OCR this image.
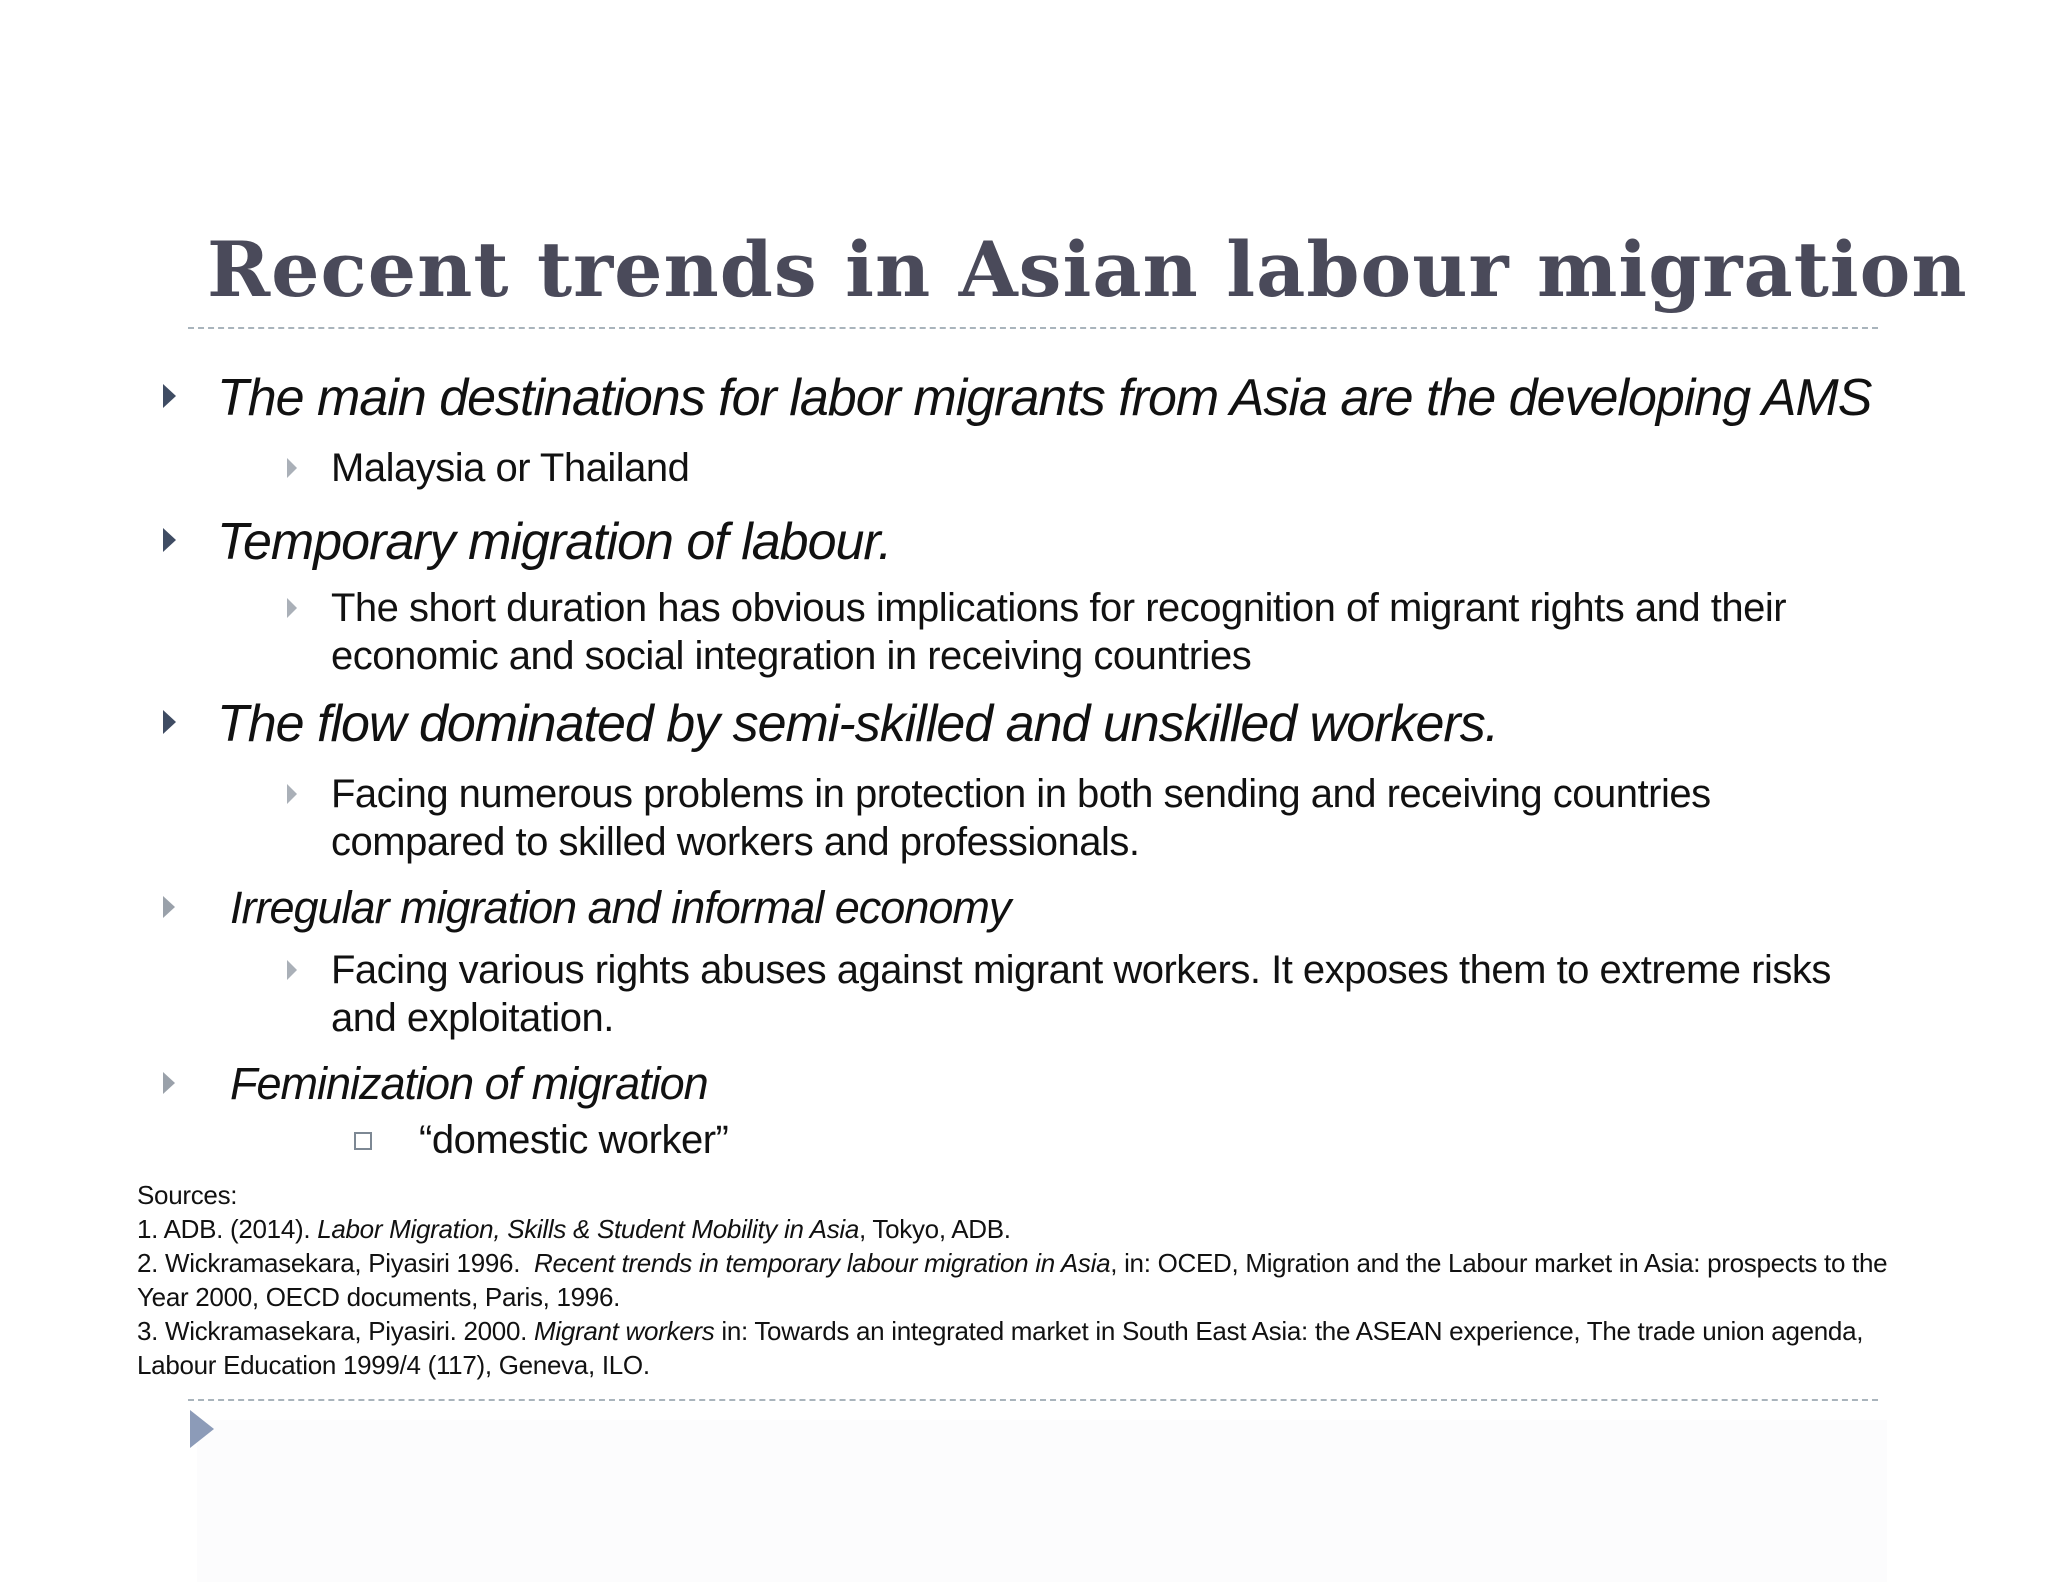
Recent trends in Asian labour migration
The main destinations for labor migrants from Asia are the developing AMS
Malaysia or Thailand
Temporary migration of labour.
The short duration has obvious implications for recognition of migrant rights and their
economic and social integration in receiving countries
The flow dominated by semi-skilled and unskilled workers.
Facing numerous problems in protection in both sending and receiving countries
compared to skilled workers and professionals.
Irregular migration and informal economy
Facing various rights abuses against migrant workers. It exposes them to extreme risks
and exploitation.
Feminization of migration
“domestic worker”
Sources:
1. ADB. (2014). Labor Migration, Skills & Student Mobility in Asia, Tokyo, ADB.
2. Wickramasekara, Piyasiri 1996.  Recent trends in temporary labour migration in Asia, in: OCED, Migration and the Labour market in Asia: prospects to the
Year 2000, OECD documents, Paris, 1996.
3. Wickramasekara, Piyasiri. 2000. Migrant workers in: Towards an integrated market in South East Asia: the ASEAN experience, The trade union agenda,
Labour Education 1999/4 (117), Geneva, ILO.
